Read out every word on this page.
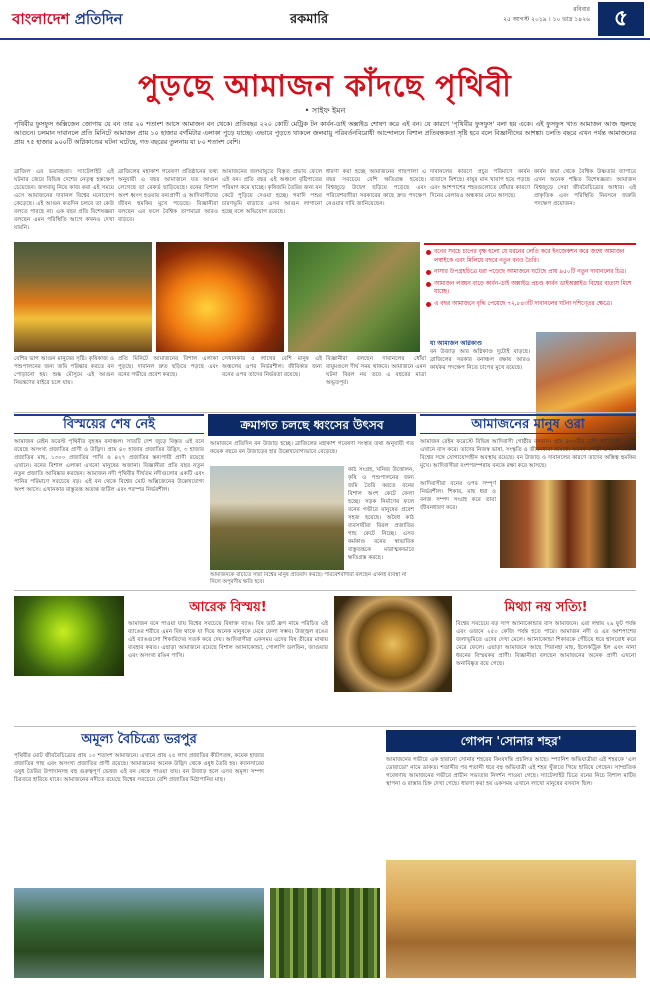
বাংলাদেশ প্রতিদিন	রকমারি
রবিবার
২৫ আগস্ট ২০১৯ । ১০ ভাদ্র ১৪২৬	৫
পুড়ছে আমাজন কাঁদছে পৃথিবী
• সাইফ ইমন
পৃথিবীর ফুসফুস অক্সিজেন জোগায় যে বন তার ২০ শতাংশ আসে আমাজন বন থেকে। প্রতিবছর ২২০ কোটি মেট্রিক টন কার্বন-ডাই অক্সাইড শোষণ করে এই বন। যে কারণে 'পৃথিবীর ফুসফুস' বলা হয় একে। এই ফুসফুস খাত আমাজন আজ জ্বলছে আগুনে। চলমান দাবানলে প্রতি মিনিটে আমাজন প্রায় ১০ হাজার বর্গমিটার এলাকা পুড়ে যাচ্ছে। এভাবে পুড়তে থাকলে জলবায়ু পরিবর্তনবিরোধী আন্দোলনে বিশাল প্রতিবন্ধকতা সৃষ্টি হবে বলে বিজ্ঞানীদের আশঙ্কা। চলতি বছরে এখন পর্যন্ত আমাজনের প্রায় ৭৫ হাজার ৯০০টি অগ্নিকাণ্ডের ঘটনা ঘটেছে, গত বছরের তুলনায় যা ৮০ শতাংশ বেশি।
ব্রাজিল এর ভয়াবহতা। স্যাটেলাইট এই ঘটনার জেরে বিভিন্ন দেশের নেতৃত্ব হস্তক্ষেপ চেয়েছেন। জলবায়ু নিয়ে কাজ করা এই সময়ে এসে আমাজনের দাবানল বিশ্বের মনোযোগ কেড়েছে। এই আগুন কতদিন চলবে তা কেউ বলতে পারছে না। এক বছর প্রতি বিশেষজ্ঞরা বলছেন এমন পরিস্থিতি আগে কখনও দেখা যায়নি।
ব্রাজিলের মহাকাশ গবেষণা প্রতিষ্ঠানের তথ্য অনুযায়ী এ বছর আমাজনে যত আগুন লেগেছে তা রেকর্ড ছাড়িয়েছে। বনের বিশাল অংশ ধ্বংস হওয়ায় বন্যপ্রাণী ও আদিবাসীদের জীবন হুমকির মুখে পড়েছে। বিজ্ঞানীরা বলছেন এর ফলে বৈশ্বিক তাপমাত্রা আরও বাড়বে।
আমাজনের জলবায়ুতে বিস্তৃত প্রভাব ফেলে এই বন। প্রতি বছর এই অঞ্চলে বৃষ্টিপাতের পরিমাণ কমে যাচ্ছে। কৃষিজমি তৈরির জন্য বন কেটে পুড়িয়ে দেওয়া হচ্ছে। গবাদি পশুর চারণভূমি বাড়াতে এসব আগুন লাগানো হচ্ছে বলে অভিযোগ রয়েছে।
ধারণা করা হচ্ছে আমাজনের গাছপালা এ বছর সবচেয়ে বেশি ক্ষতিগ্রস্ত হয়েছে। বিশ্বজুড়ে উদ্বেগ ছড়িয়ে পড়েছে এবং পরিবেশবাদীরা সরকারের কাছে দ্রুত পদক্ষেপ নেওয়ার দাবি জানিয়েছেন।
দাবানলের কারণে প্রচুর পরিমাণে কার্বন বাতাসে মিশছে। বায়ুর মান খারাপ হয়ে পড়ছে এবং আশপাশের শহরগুলোতে ধোঁয়ার কারণে দিনের বেলায়ও অন্ধকার নেমে আসছে।
কার্বন জমা থেকে বৈশ্বিক উষ্ণতার ব্যাপারে এখন অনেক শঙ্কিত বিশেষজ্ঞরা। আমাজন বিশ্বজুড়ে সেরা জীববৈচিত্র্যের আধার। এই প্রাকৃতিক এবং পরিস্থিতি নিরসনে জরুরি পদক্ষেপ প্রয়োজন।
বনের সবচে চাপের বৃক্ষ হলো যে ধরনের লেতি করে ইনজেকশন করে জন্মে আমাজন লস্বাইকে এবং মিলিয়ে বছরে নতুন বনও তৈরি।
নাসার উপগ্রহচিত্রে ধরা পড়েছে আমাজনে ঘটেছে প্রায় ৯৫০টি নতুন দাবানলের চিত্র।
আমাজন লঙ্ঘন বাড়ে কার্বন-ডাই অক্সাইড প্রচণ্ড কার্বন ডাইঅক্সাইড বিশ্বের বাতাস মিশে যাচ্ছে।
এ বছর আমাজনে বৃদ্ধি পেয়েছে ৭২,৮৪৩টি দাবানলের ঘটনা দশিণ্তের ক্ষেত্রে।
বেশির ভাগ আগুন মানুষের সৃষ্টি। কৃষিকাজ ও পশুপালনের জন্য জমি পরিষ্কার করতে বন পোড়ানো হয়। শুষ্ক মৌসুমে এই আগুন নিয়ন্ত্রণের বাইরে চলে যায়।
প্রতি মিনিটে আমাজনের বিশাল এলাকা পুড়ছে। দাবানল দ্রুত ছড়িয়ে পড়ছে এবং বনের গভীরে প্রবেশ করছে।
সেখানকার ৫ লাখের বেশি মানুষ এই অঞ্চলের ওপর নির্ভরশীল। জীবিকার জন্য বনের ওপর তাদের নির্ভরতা রয়েছে।
বিজ্ঞানীরা বলছেন দাবানলের ধোঁয়া বায়ুমণ্ডলে দীর্ঘ সময় থাকবে। আমাজনে এমন ঘটনা বিরল নয় তবে এ বছরের মাত্রা অভূতপূর্ব।
যা আমাজন অগ্নিকাণ্ড
বন উজাড় আর অগ্নিকাণ্ড দুটোই বাড়ছে। ব্রাজিলের সরকার বনাঞ্চল রক্ষায় আরও কার্যকর পদক্ষেপ নিতে চাপের মুখে রয়েছে।
বিস্ময়ের শেষ নেই
আমাজন রেইন ফরেস্ট পৃথিবীর বৃহত্তম বনাঞ্চল। সাতটি দেশ জুড়ে বিস্তৃত এই বনে রয়েছে অসংখ্য প্রজাতির প্রাণী ও উদ্ভিদ। প্রায় ৪০ হাজার প্রজাতির উদ্ভিদ, ৩ হাজার প্রজাতির মাছ, ১৩০০ প্রজাতির পাখি ও ৪২৭ প্রজাতির স্তন্যপায়ী প্রাণী রয়েছে এখানে। বনের বিশাল এলাকা এখনো মানুষের অজানা। বিজ্ঞানীরা প্রতি বছর নতুন নতুন প্রজাতি আবিষ্কার করছেন। আমাজন নদী পৃথিবীর দীর্ঘতম নদীগুলোর একটি এবং পানির পরিমাণে সবচেয়ে বড়। এই বন থেকে বিশ্বের মোট অক্সিজেনের উল্লেখযোগ্য অংশ আসে। এখানকার বাস্তুতন্ত্র অত্যন্ত জটিল এবং পরস্পর নির্ভরশীল।
ক্রমাগত চলছে ধ্বংসের উৎসব
আমাজনে প্রতিদিন বন উজাড় হচ্ছে। ব্রাজিলের মহাকাশ গবেষণা সংস্থার তথ্য অনুযায়ী গত কয়েক বছরে বন উজাড়ের হার উল্লেখযোগ্যভাবে বেড়েছে।
কাঠ সংগ্রহ, খনিজ উত্তোলন, কৃষি ও পশুপালনের জন্য জমি তৈরি করতে বনের বিশাল অংশ কেটে ফেলা হচ্ছে। সড়ক নির্মাণের ফলে বনের গভীরে মানুষের প্রবেশ সহজ হয়েছে। অবৈধ কাঠ ব্যবসায়ীরা বিরল প্রজাতির গাছ কেটে নিচ্ছে। এসব কর্মকাণ্ড বনের স্বাভাবিক বাস্তুতন্ত্রকে মারাত্মকভাবে ক্ষতিগ্রস্ত করছে।
আমাজনকে বাঁচাতে সারা বিশ্বের মানুষ প্রতিবাদ করছে। পরিবেশবাদীরা বলছেন এখনই ব্যবস্থা না নিলে অপূরণীয় ক্ষতি হবে।
আমাজনের মানুষ ওরা
আমাজন রেইন ফরেস্টে বিভিন্ন আদিবাসী গোষ্ঠীর বসবাস। প্রায় ৪০০টির বেশি আদিবাসী গোষ্ঠী এখানে বাস করে। তাদের নিজস্ব ভাষা, সংস্কৃতি ও জীবনধারা রয়েছে। অনেক গোষ্ঠী এখনো বাইরের বিশ্বের সঙ্গে যোগাযোগহীন অবস্থায় রয়েছে। বন উজাড় ও দাবানলের কারণে তাদের অস্তিত্ব হুমকির মুখে। আদিবাসীরা বংশপরম্পরায় বনকে রক্ষা করে আসছে।
আদিবাসীরা বনের ওপর সম্পূর্ণ নির্ভরশীল। শিকার, মাছ ধরা ও বনজ সম্পদ সংগ্রহ করে তারা জীবনধারণ করে।
আরেক বিস্ময়!
আমাজন বনে পাওয়া যায় বিশ্বের সবচেয়ে বিষাক্ত ব্যাঙ। বিষ ডার্ট ফ্রগ নামে পরিচিত এই ব্যাঙের শরীরে এমন বিষ থাকে যা দিয়ে অনেক মানুষকে মেরে ফেলা সম্ভব। উজ্জ্বল রঙের এই ব্যাঙগুলো শিকারিদের সতর্ক করে দেয়। আদিবাসীরা একসময় এদের বিষ তীরের মাথায় ব্যবহার করত। এছাড়া আমাজনে রয়েছে বিশাল অ্যানাকোন্ডা, গোলাপি ডলফিন, জাগুয়ার এবং অসংখ্য রঙিন পাখি।
মিথ্যা নয় সত্যি!
বিশ্বের সবচেয়ে বড় সাপ অ্যানাকোন্ডার বাস আমাজনে। এরা লম্বায় ২৯ ফুট পর্যন্ত এবং ওজনে ২৫০ কেজি পর্যন্ত হতে পারে। আমাজন নদী ও এর আশপাশের জলাভূমিতে এদের দেখা মেলে। অ্যানাকোন্ডা শিকারকে পেঁচিয়ে ধরে শ্বাসরোধ করে মেরে ফেলে। এছাড়া আমাজনে আছে পিরানহা মাছ, ইলেকট্রিক ইল এবং নানা ধরনের বিস্ময়কর প্রাণী। বিজ্ঞানীরা বলছেন আমাজনের অনেক প্রাণী এখনো অনাবিষ্কৃত রয়ে গেছে।
অমূল্য বৈচিত্র্যে ভরপুর
পৃথিবীর মোট জীববৈচিত্র্যের প্রায় ১০ শতাংশ আমাজনে। এখানে প্রায় ২৫ লাখ প্রজাতির কীটপতঙ্গ, কয়েক হাজার প্রজাতির গাছ এবং অসংখ্য প্রজাতির প্রাণী রয়েছে। আমাজনের অনেক উদ্ভিদ থেকে ওষুধ তৈরি হয়। ক্যানসারের ওষুধ তৈরির উপাদানসহ বহু গুরুত্বপূর্ণ ভেষজ এই বন থেকে পাওয়া যায়। বন উজাড় হলে এসব অমূল্য সম্পদ চিরতরে হারিয়ে যাবে। আমাজনের নদীতে রয়েছে বিশ্বের সবচেয়ে বেশি প্রজাতির মিঠাপানির মাছ।
গোপন 'সোনার শহর'
আমাজনের গভীরে এক হারানো সোনার শহরের কিংবদন্তি প্রচলিত আছে। স্প্যানিশ অভিযাত্রীরা এই শহরকে 'এল ডোরাডো' নামে ডাকত। শতাব্দীর পর শতাব্দী ধরে বহু অভিযাত্রী এই শহর খুঁজতে গিয়ে হারিয়ে গেছেন। সাম্প্রতিক গবেষণায় আমাজনের গভীরে প্রাচীন সভ্যতার নিদর্শন পাওয়া গেছে। স্যাটেলাইট চিত্রে বনের নিচে বিশাল মাটির স্থাপনা ও রাস্তার চিহ্ন দেখা গেছে। ধারণা করা হয় একসময় এখানে লাখো মানুষের বসবাস ছিল।
